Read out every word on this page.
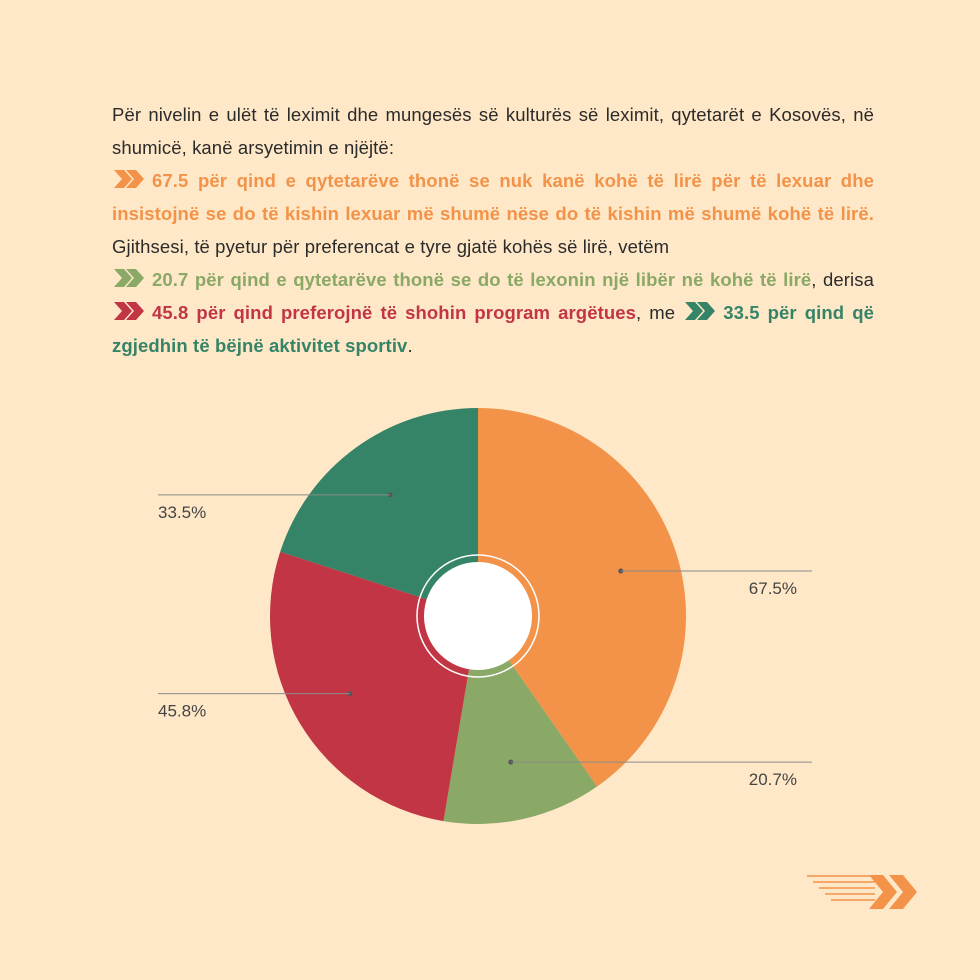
Për nivelin e ulët të leximit dhe mungesës së kulturës së leximit, qytetarët e Kosovës, në shumicë, kanë arsyetimin e njëjtë:

67.5 për qind e qytetarëve thonë se nuk kanë kohë të lirë për të lexuar dhe insistojnë se do të kishin lexuar më shumë nëse do të kishin më shumë kohë të lirë. Gjithsesi, të pyetur për preferencat e tyre gjatë kohës së lirë, vetëm

20.7 për qind e qytetarëve thonë se do të lexonin një libër në kohë të lirë, derisa
45.8 për qind preferojnë të shohin program argëtues, me	33.5 për qind që zgjedhin të bëjnë aktivitet sportiv.
67.5%
20.7%
45.8%
33.5%
